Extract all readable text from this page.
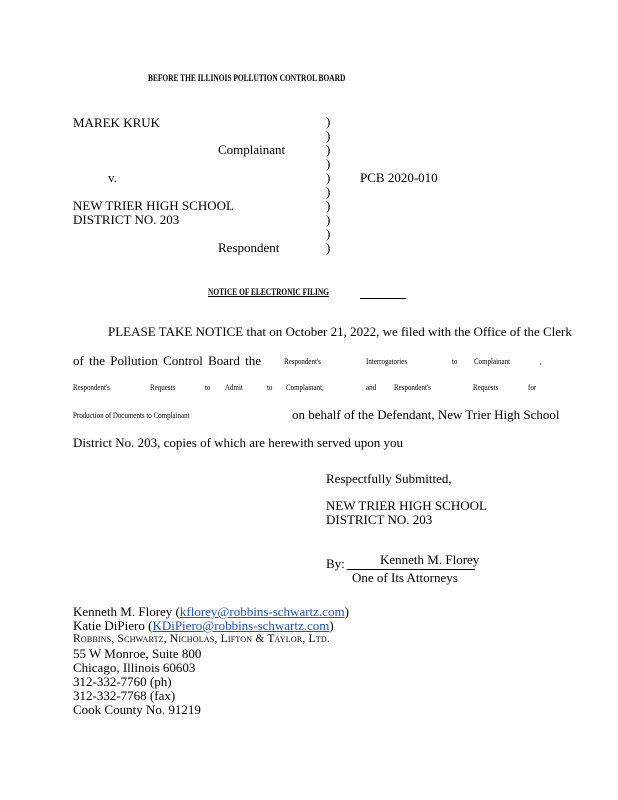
BEFORE THE ILLINOIS POLLUTION CONTROL BOARD
MAREK KRUK
Complainant
v.	PCB 2020-010
NEW TRIER HIGH SCHOOL
DISTRICT NO. 203
Respondent
)
)
)
)
)
)
)
)
)
)
NOTICE OF ELECTRONIC FILING
PLEASE TAKE NOTICE that on October 21, 2022, we filed with the Office of the Clerk
of the Pollution Control Board the	Respondent's	Interrogatories	to Complainant	,
Respondent's	Requests	to Admit	to Complainant,	and Respondent's	Requests	for
Production of Documents to Complainant	on behalf of the Defendant, New Trier High School
District No. 203, copies of which are herewith served upon you
Respectfully Submitted,
NEW TRIER HIGH SCHOOL
DISTRICT NO. 203
By:	Kenneth M. Florey
One of Its Attorneys
Kenneth M. Florey (kflorey@robbins-schwartz.com)
Katie DiPiero (KDiPiero@robbins-schwartz.com)
Robbins, Schwartz, Nicholas, Lifton & Taylor, Ltd.
55 W Monroe, Suite 800
Chicago, Illinois 60603
312-332-7760 (ph)
312-332-7768 (fax)
Cook County No. 91219
